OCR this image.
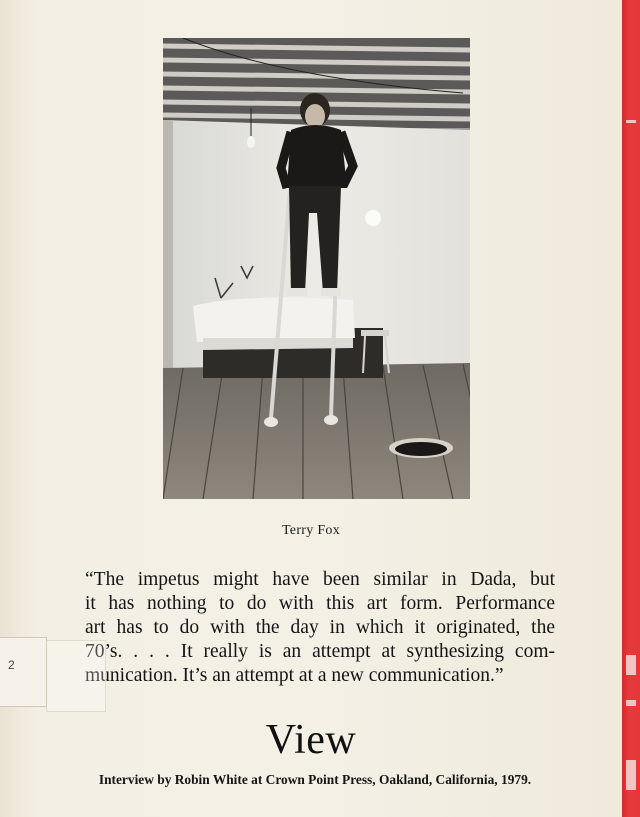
Terry Fox
“The impetus might have been similar in Dada, but
it has nothing to do with this art form. Performance
art has to do with the day in which it originated, the
70’s. . . . It really is an attempt at synthesizing com-
munication. It’s an attempt at a new communication.”
View
Interview by Robin White at Crown Point Press, Oakland, California, 1979.
2
